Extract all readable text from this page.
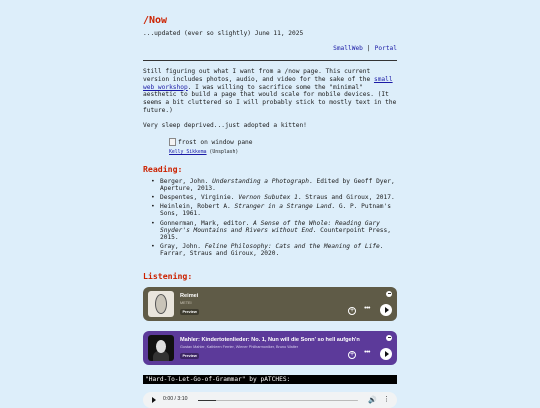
/Now
...updated (ever so slightly) June 11, 2025
SmallWeb | Portal
Still figuring out what I want from a /now page. This current version includes photos, audio, and video for the sake of the small web workshop. I was willing to sacrifice some the "minimal" aesthetic to build a page that would scale for mobile devices. (It seems a bit cluttered so I will probably stick to mostly text in the future.)
Very sleep deprived...just adopted a kitten!
frost on window pane
Kelly Sikkema (Unsplash)
Reading:
• Berger, John. Understanding a Photograph. Edited by Geoff Dyer, Aperture, 2013.
• Despentes, Virginie. Vernon Subutex 1. Straus and Giroux, 2017.
• Heinlein, Robert A. Stranger in a Strange Land. G. P. Putnam's Sons, 1961.
• Gonnerman, Mark, editor. A Sense of the Whole: Reading Gary Snyder's Mountains and Rivers without End. Counterpoint Press, 2015.
• Gray, John. Feline Philosophy: Cats and the Meaning of Life. Farrar, Straus and Giroux, 2020.
Listening:
Reimei
METEI
Preview	+ •••
Mahler: Kindertotenlieder: No. 1, Nun will die Sonn' so hell aufgeh'n
Gustav Mahler, Kathleen Ferrier, Wiener Philharmoniker, Bruno Walter
Preview	+ •••
"Hard-To-Let-Go-of-Grammar" by pATCHES:
0:00 / 3:10	🔊 ⋮
